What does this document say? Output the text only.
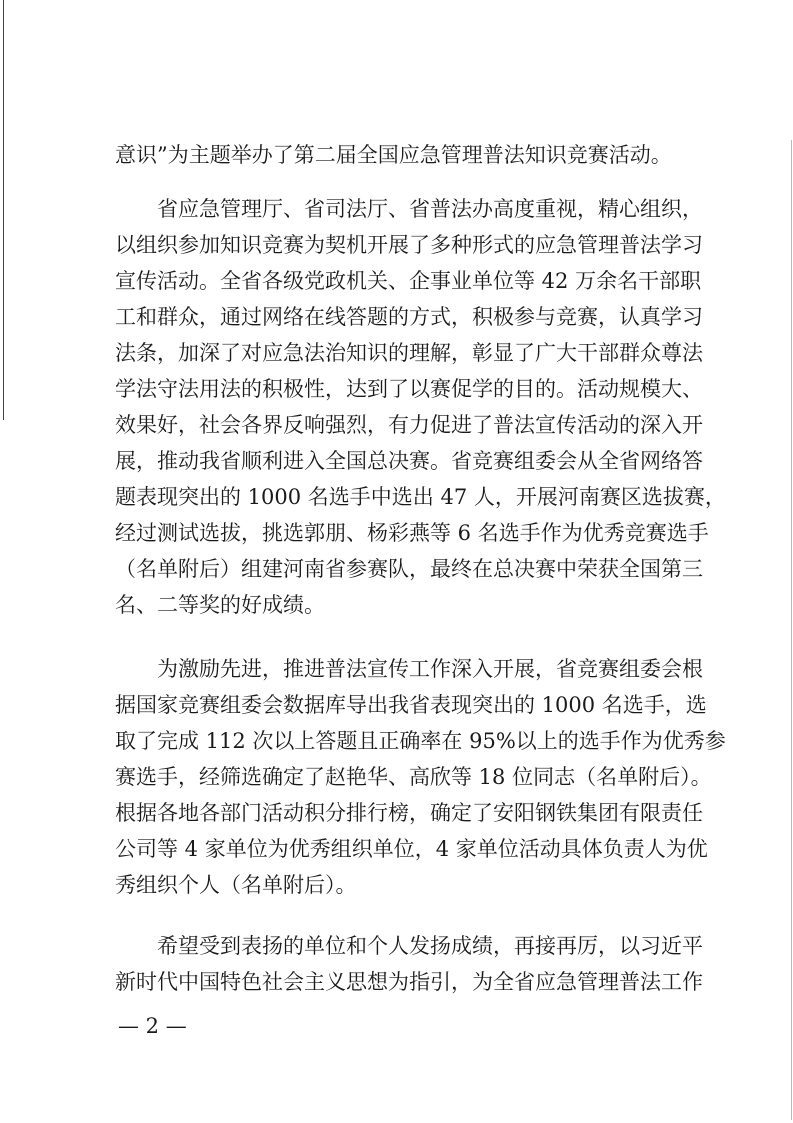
意识”为主题举办了第二届全国应急管理普法知识竞赛活动。
省应急管理厅、省司法厅、省普法办高度重视，精心组织，
以组织参加知识竞赛为契机开展了多种形式的应急管理普法学习
宣传活动。全省各级党政机关、企事业单位等 42 万余名干部职
工和群众，通过网络在线答题的方式，积极参与竞赛，认真学习
法条，加深了对应急法治知识的理解，彰显了广大干部群众尊法
学法守法用法的积极性，达到了以赛促学的目的。活动规模大、
效果好，社会各界反响强烈，有力促进了普法宣传活动的深入开
展，推动我省顺利进入全国总决赛。省竞赛组委会从全省网络答
题表现突出的 1000 名选手中选出 47 人，开展河南赛区选拔赛，
经过测试选拔，挑选郭朋、杨彩燕等 6 名选手作为优秀竞赛选手
（名单附后）组建河南省参赛队，最终在总决赛中荣获全国第三
名、二等奖的好成绩。
为激励先进，推进普法宣传工作深入开展，省竞赛组委会根
据国家竞赛组委会数据库导出我省表现突出的 1000 名选手，选
取了完成 112 次以上答题且正确率在 95%以上的选手作为优秀参
赛选手，经筛选确定了赵艳华、高欣等 18 位同志（名单附后）。
根据各地各部门活动积分排行榜，确定了安阳钢铁集团有限责任
公司等 4 家单位为优秀组织单位，4 家单位活动具体负责人为优
秀组织个人（名单附后）。
希望受到表扬的单位和个人发扬成绩，再接再厉，以习近平
新时代中国特色社会主义思想为指引，为全省应急管理普法工作
— 2 —
